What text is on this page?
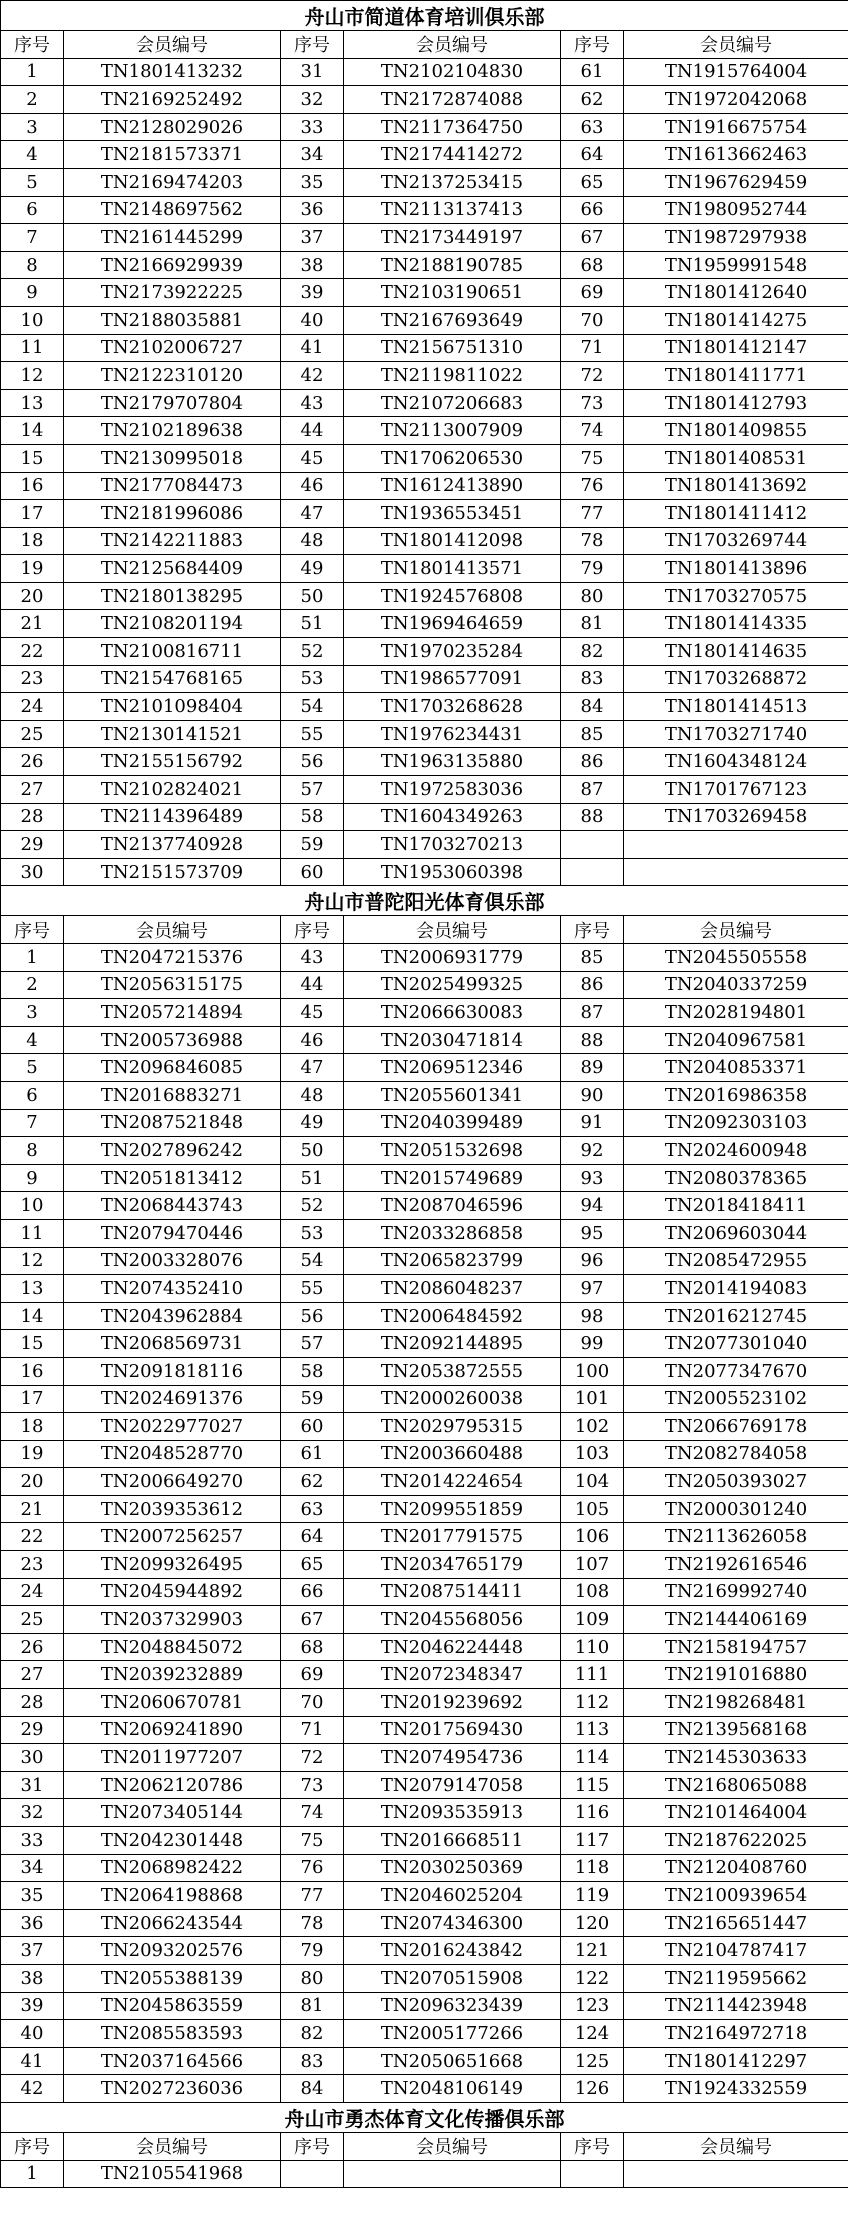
舟山市简道体育培训俱乐部					
序号	会员编号	序号	会员编号	序号	会员编号
1	TN1801413232	31	TN2102104830	61	TN1915764004
2	TN2169252492	32	TN2172874088	62	TN1972042068
3	TN2128029026	33	TN2117364750	63	TN1916675754
4	TN2181573371	34	TN2174414272	64	TN1613662463
5	TN2169474203	35	TN2137253415	65	TN1967629459
6	TN2148697562	36	TN2113137413	66	TN1980952744
7	TN2161445299	37	TN2173449197	67	TN1987297938
8	TN2166929939	38	TN2188190785	68	TN1959991548
9	TN2173922225	39	TN2103190651	69	TN1801412640
10	TN2188035881	40	TN2167693649	70	TN1801414275
11	TN2102006727	41	TN2156751310	71	TN1801412147
12	TN2122310120	42	TN2119811022	72	TN1801411771
13	TN2179707804	43	TN2107206683	73	TN1801412793
14	TN2102189638	44	TN2113007909	74	TN1801409855
15	TN2130995018	45	TN1706206530	75	TN1801408531
16	TN2177084473	46	TN1612413890	76	TN1801413692
17	TN2181996086	47	TN1936553451	77	TN1801411412
18	TN2142211883	48	TN1801412098	78	TN1703269744
19	TN2125684409	49	TN1801413571	79	TN1801413896
20	TN2180138295	50	TN1924576808	80	TN1703270575
21	TN2108201194	51	TN1969464659	81	TN1801414335
22	TN2100816711	52	TN1970235284	82	TN1801414635
23	TN2154768165	53	TN1986577091	83	TN1703268872
24	TN2101098404	54	TN1703268628	84	TN1801414513
25	TN2130141521	55	TN1976234431	85	TN1703271740
26	TN2155156792	56	TN1963135880	86	TN1604348124
27	TN2102824021	57	TN1972583036	87	TN1701767123
28	TN2114396489	58	TN1604349263	88	TN1703269458
29	TN2137740928	59	TN1703270213		
30	TN2151573709	60	TN1953060398		
舟山市普陀阳光体育俱乐部					
序号	会员编号	序号	会员编号	序号	会员编号
1	TN2047215376	43	TN2006931779	85	TN2045505558
2	TN2056315175	44	TN2025499325	86	TN2040337259
3	TN2057214894	45	TN2066630083	87	TN2028194801
4	TN2005736988	46	TN2030471814	88	TN2040967581
5	TN2096846085	47	TN2069512346	89	TN2040853371
6	TN2016883271	48	TN2055601341	90	TN2016986358
7	TN2087521848	49	TN2040399489	91	TN2092303103
8	TN2027896242	50	TN2051532698	92	TN2024600948
9	TN2051813412	51	TN2015749689	93	TN2080378365
10	TN2068443743	52	TN2087046596	94	TN2018418411
11	TN2079470446	53	TN2033286858	95	TN2069603044
12	TN2003328076	54	TN2065823799	96	TN2085472955
13	TN2074352410	55	TN2086048237	97	TN2014194083
14	TN2043962884	56	TN2006484592	98	TN2016212745
15	TN2068569731	57	TN2092144895	99	TN2077301040
16	TN2091818116	58	TN2053872555	100	TN2077347670
17	TN2024691376	59	TN2000260038	101	TN2005523102
18	TN2022977027	60	TN2029795315	102	TN2066769178
19	TN2048528770	61	TN2003660488	103	TN2082784058
20	TN2006649270	62	TN2014224654	104	TN2050393027
21	TN2039353612	63	TN2099551859	105	TN2000301240
22	TN2007256257	64	TN2017791575	106	TN2113626058
23	TN2099326495	65	TN2034765179	107	TN2192616546
24	TN2045944892	66	TN2087514411	108	TN2169992740
25	TN2037329903	67	TN2045568056	109	TN2144406169
26	TN2048845072	68	TN2046224448	110	TN2158194757
27	TN2039232889	69	TN2072348347	111	TN2191016880
28	TN2060670781	70	TN2019239692	112	TN2198268481
29	TN2069241890	71	TN2017569430	113	TN2139568168
30	TN2011977207	72	TN2074954736	114	TN2145303633
31	TN2062120786	73	TN2079147058	115	TN2168065088
32	TN2073405144	74	TN2093535913	116	TN2101464004
33	TN2042301448	75	TN2016668511	117	TN2187622025
34	TN2068982422	76	TN2030250369	118	TN2120408760
35	TN2064198868	77	TN2046025204	119	TN2100939654
36	TN2066243544	78	TN2074346300	120	TN2165651447
37	TN2093202576	79	TN2016243842	121	TN2104787417
38	TN2055388139	80	TN2070515908	122	TN2119595662
39	TN2045863559	81	TN2096323439	123	TN2114423948
40	TN2085583593	82	TN2005177266	124	TN2164972718
41	TN2037164566	83	TN2050651668	125	TN1801412297
42	TN2027236036	84	TN2048106149	126	TN1924332559
舟山市勇杰体育文化传播俱乐部					
序号	会员编号	序号	会员编号	序号	会员编号
1	TN2105541968				
